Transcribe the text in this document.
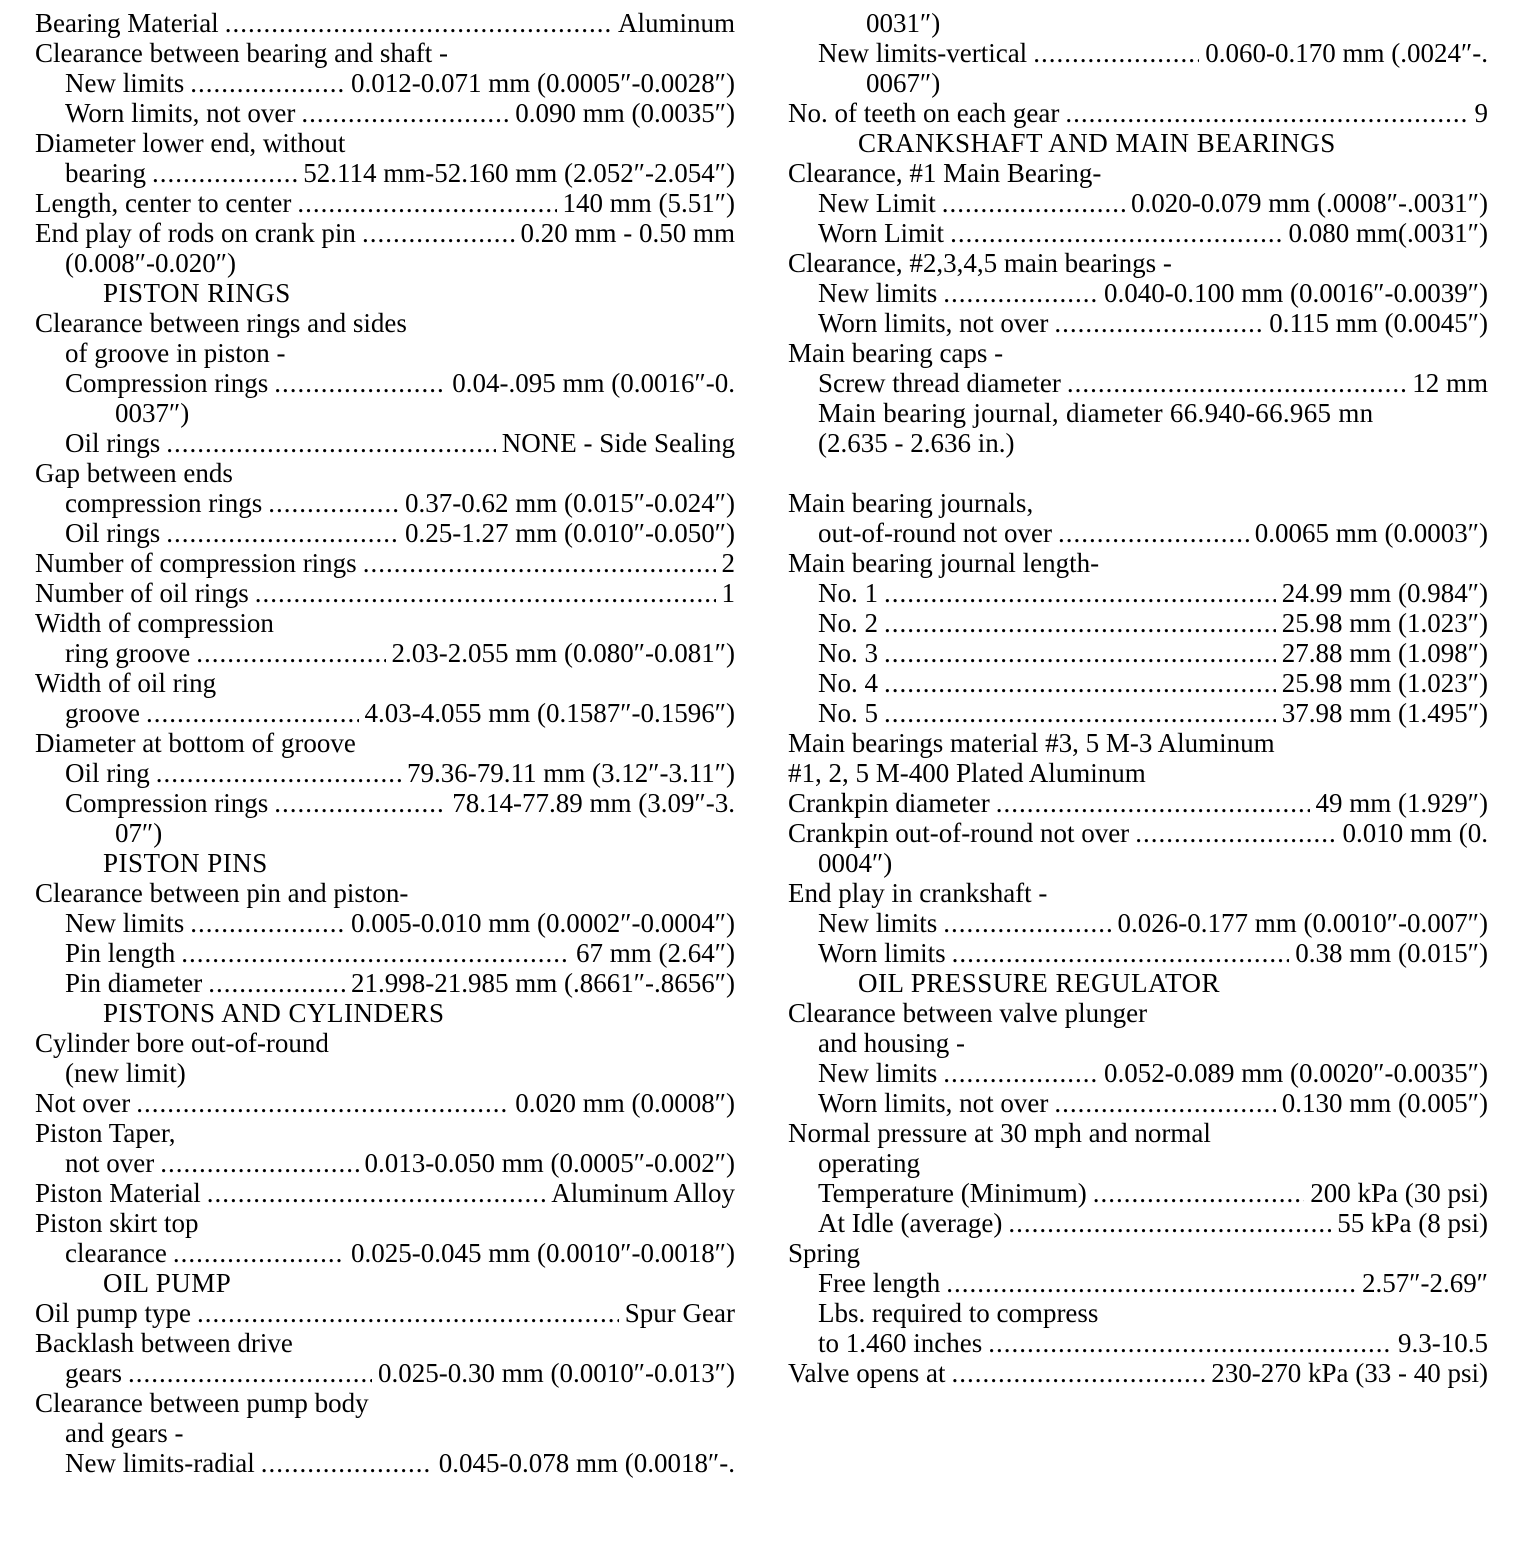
Bearing Material .....	Aluminum
Clearance between bearing and shaft -
New limits .....	0.012-0.071 mm (0.0005″-0.0028″)
Worn limits, not over .....	0.090 mm (0.0035″)
Diameter lower end, without
bearing .....	52.114 mm-52.160 mm (2.052″-2.054″)
Length, center to center .....	140 mm (5.51″)
End play of rods on crank pin .....	0.20 mm - 0.50 mm
(0.008″-0.020″)
PISTON RINGS
Clearance between rings and sides
of groove in piston -
Compression rings .....	0.04-.095 mm (0.0016″-0.
0037″)
Oil rings .....	NONE - Side Sealing
Gap between ends
compression rings .....	0.37-0.62 mm (0.015″-0.024″)
Oil rings .....	0.25-1.27 mm (0.010″-0.050″)
Number of compression rings .....	2
Number of oil rings .....	1
Width of compression
ring groove .....	2.03-2.055 mm (0.080″-0.081″)
Width of oil ring
groove .....	4.03-4.055 mm (0.1587″-0.1596″)
Diameter at bottom of groove
Oil ring .....	79.36-79.11 mm (3.12″-3.11″)
Compression rings .....	78.14-77.89 mm (3.09″-3.
07″)
PISTON PINS
Clearance between pin and piston-
New limits .....	0.005-0.010 mm (0.0002″-0.0004″)
Pin length .....	67 mm (2.64″)
Pin diameter .....	21.998-21.985 mm (.8661″-.8656″)
PISTONS AND CYLINDERS
Cylinder bore out-of-round
(new limit)
Not over .....	0.020 mm (0.0008″)
Piston Taper,
not over .....	0.013-0.050 mm (0.0005″-0.002″)
Piston Material .....	Aluminum Alloy
Piston skirt top
clearance .....	0.025-0.045 mm (0.0010″-0.0018″)
OIL PUMP
Oil pump type .....	Spur Gear
Backlash between drive
gears .....	0.025-0.30 mm (0.0010″-0.013″)
Clearance between pump body
and gears -
New limits-radial .....	0.045-0.078 mm (0.0018″-.
0031″)
New limits-vertical .....	0.060-0.170 mm (.0024″-.
0067″)
No. of teeth on each gear .....	9
CRANKSHAFT AND MAIN BEARINGS
Clearance, #1 Main Bearing-
New Limit .....	0.020-0.079 mm (.0008″-.0031″)
Worn Limit .....	0.080 mm(.0031″)
Clearance, #2,3,4,5 main bearings -
New limits .....	0.040-0.100 mm (0.0016″-0.0039″)
Worn limits, not over .....	0.115 mm (0.0045″)
Main bearing caps -
Screw thread diameter .....	12 mm
Main bearing journal, diameter 66.940-66.965 mn
(2.635 - 2.636 in.)
Main bearing journals,
out-of-round not over .....	0.0065 mm (0.0003″)
Main bearing journal length-
No. 1 .....	24.99 mm (0.984″)
No. 2 .....	25.98 mm (1.023″)
No. 3 .....	27.88 mm (1.098″)
No. 4 .....	25.98 mm (1.023″)
No. 5 .....	37.98 mm (1.495″)
Main bearings material #3, 5 M-3 Aluminum
#1, 2, 5 M-400 Plated Aluminum
Crankpin diameter .....	49 mm (1.929″)
Crankpin out-of-round not over .....	0.010 mm (0.
0004″)
End play in crankshaft -
New limits .....	0.026-0.177 mm (0.0010″-0.007″)
Worn limits .....	0.38 mm (0.015″)
OIL PRESSURE REGULATOR
Clearance between valve plunger
and housing -
New limits .....	0.052-0.089 mm (0.0020″-0.0035″)
Worn limits, not over .....	0.130 mm (0.005″)
Normal pressure at 30 mph and normal
operating
Temperature (Minimum) .....	200 kPa (30 psi)
At Idle (average) .....	55 kPa (8 psi)
Spring
Free length .....	2.57″-2.69″
Lbs. required to compress
to 1.460 inches .....	9.3-10.5
Valve opens at .....	230-270 kPa (33 - 40 psi)
